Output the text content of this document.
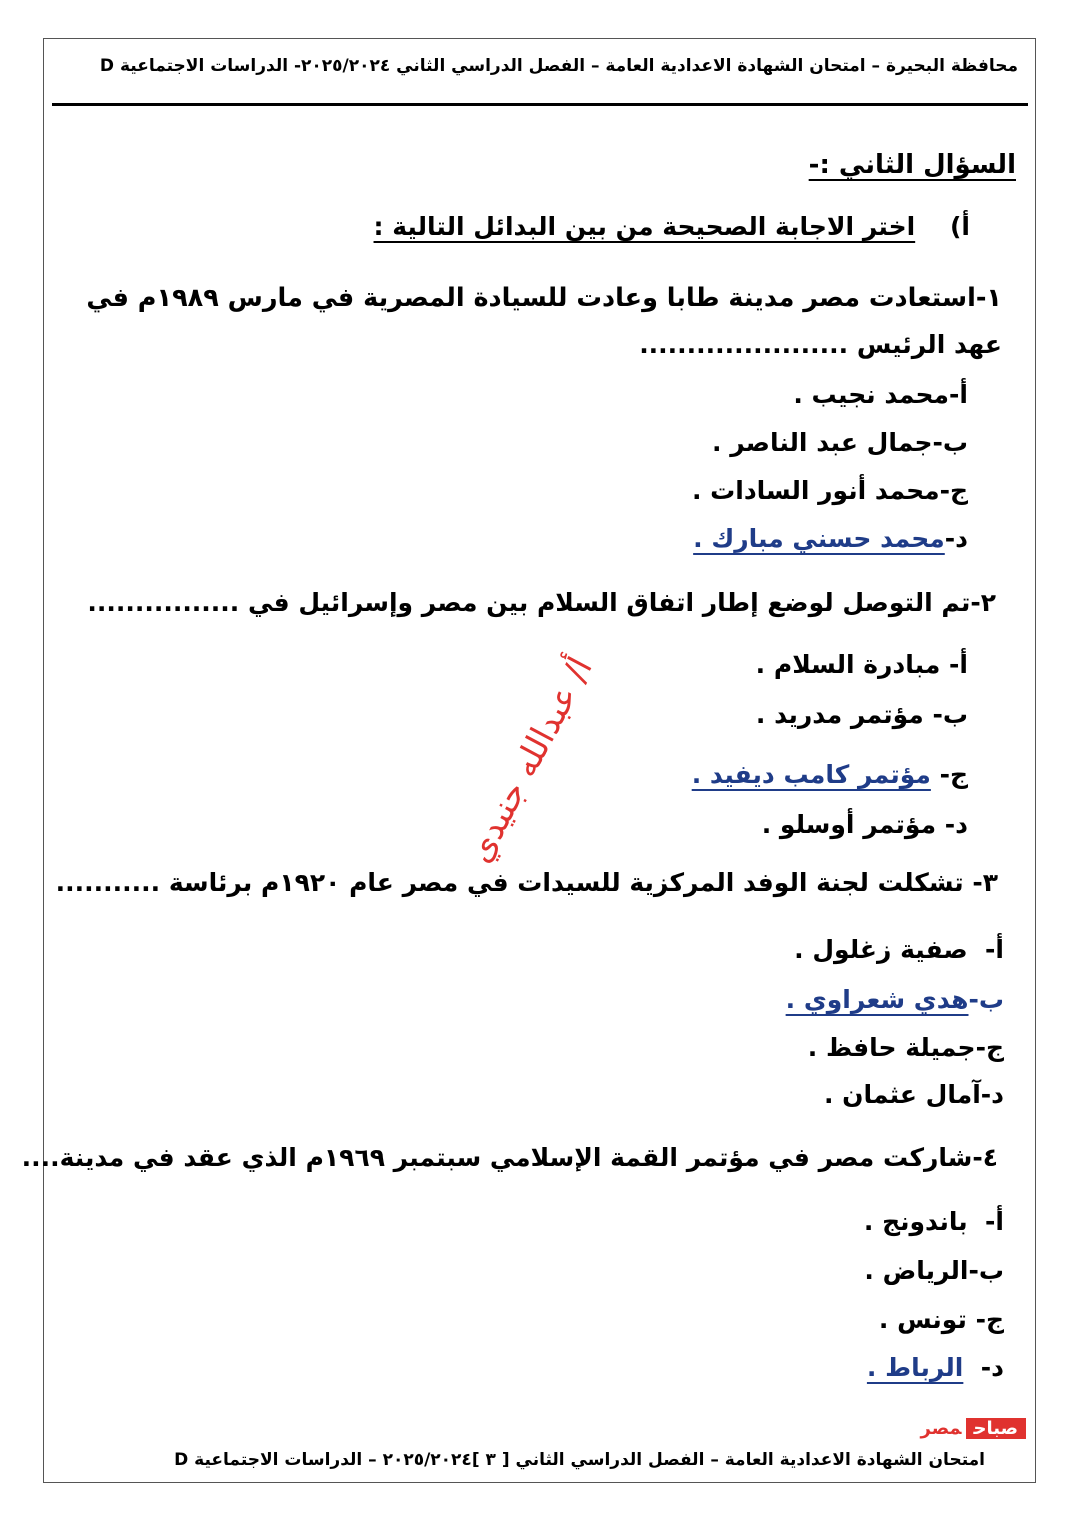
محافظة البحيرة – امتحان الشهادة الاعدادية العامة – الفصل الدراسي الثاني ٢٠٢٥/٢٠٢٤- الدراسات الاجتماعية D
السؤال الثاني :-
أ)    اختر الاجابة الصحيحة من بين البدائل التالية :
١-استعادت مصر مدينة طابا وعادت للسيادة المصرية في مارس ١٩٨٩م في
عهد الرئيس ......................
أ-محمد نجيب .
ب-جمال عبد الناصر .
ج-محمد أنور السادات .
د-محمد حسني مبارك .
٢-تم التوصل لوضع إطار اتفاق السلام بين مصر وإسرائيل في ................
أ- مبادرة السلام .
ب- مؤتمر مدريد .
ج- مؤتمر كامب ديفيد .
د- مؤتمر أوسلو .
٣- تشكلت لجنة الوفد المركزية للسيدات في مصر عام ١٩٢٠م برئاسة ...........
أ-  صفية زغلول .
ب-هدي شعراوي .
ج-جميلة حافظ .
د-آمال عثمان .
٤-شاركت مصر في مؤتمر القمة الإسلامي سبتمبر ١٩٦٩م الذي عقد في مدينة....
أ-  باندونج .
ب-الرياض .
ج- تونس .
د-  الرباط .
أ/ عبدالله جنيدي
صباحمصر
امتحان الشهادة الاعدادية العامة – الفصل الدراسي الثاني [ ٣ ]٢٠٢٥/٢٠٢٤ – الدراسات الاجتماعية D
